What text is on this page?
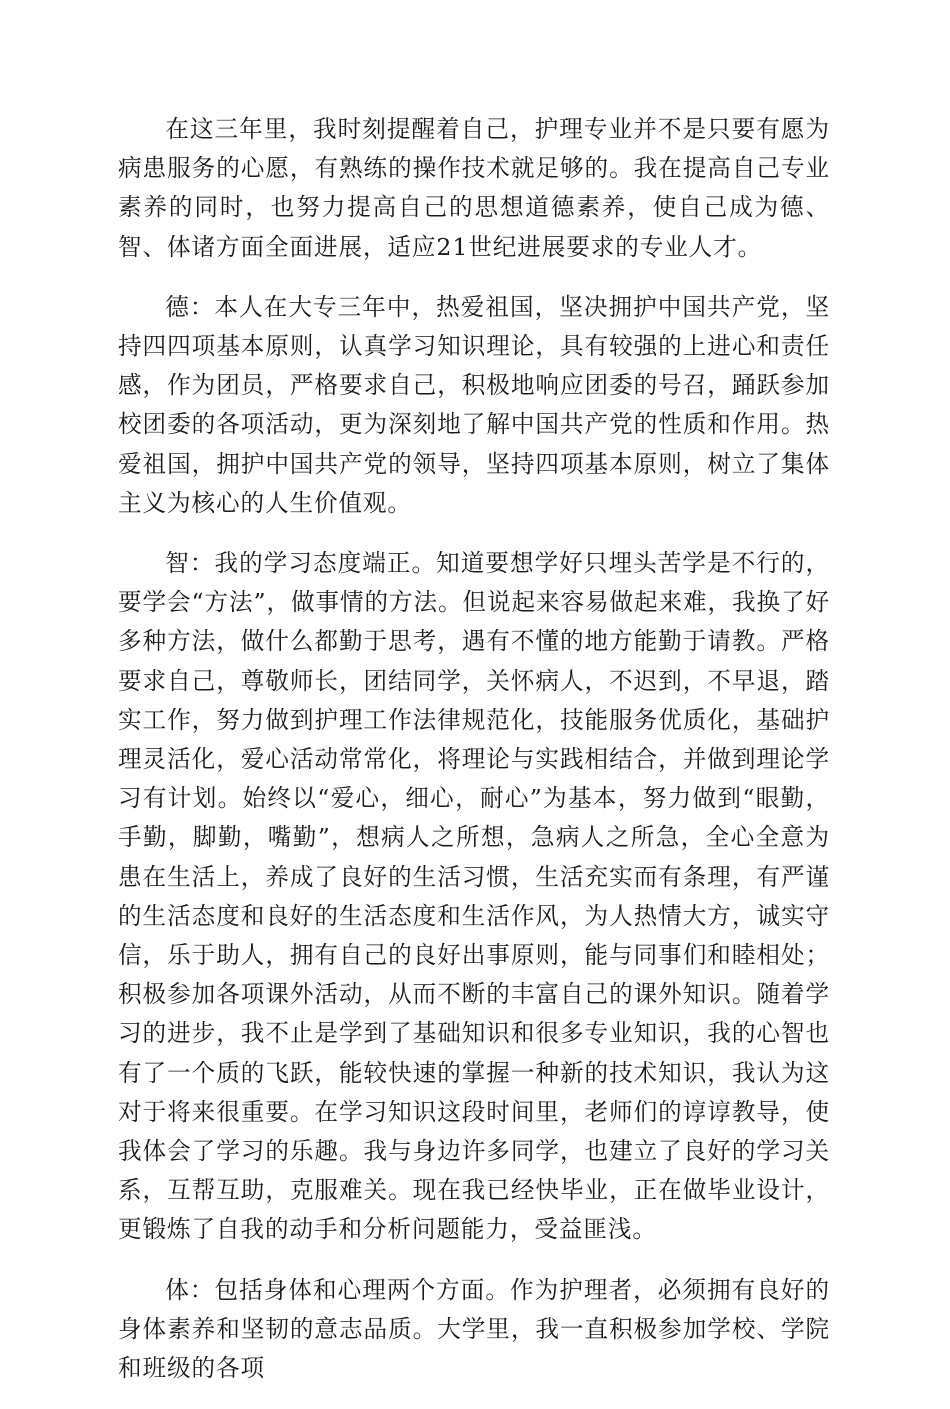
在这三年里，我时刻提醒着自己，护理专业并不是只要有愿为病患服务的心愿，有熟练的操作技术就足够的。我在提高自己专业素养的同时，也努力提高自己的思想道德素养，使自己成为德、智、体诸方面全面进展，适应21世纪进展要求的专业人才。

德：本人在大专三年中，热爱祖国，坚决拥护中国共产党，坚持四四项基本原则，认真学习知识理论，具有较强的上进心和责任感，作为团员，严格要求自己，积极地响应团委的号召，踊跃参加校团委的各项活动，更为深刻地了解中国共产党的性质和作用。热爱祖国，拥护中国共产党的领导，坚持四项基本原则，树立了集体主义为核心的人生价值观。

智：我的学习态度端正。知道要想学好只埋头苦学是不行的，要学会“方法”，做事情的方法。但说起来容易做起来难，我换了好多种方法，做什么都勤于思考，遇有不懂的地方能勤于请教。严格要求自己，尊敬师长，团结同学，关怀病人，不迟到，不早退，踏实工作，努力做到护理工作法律规范化，技能服务优质化，基础护理灵活化，爱心活动常常化，将理论与实践相结合，并做到理论学习有计划。始终以“爱心，细心，耐心”为基本，努力做到“眼勤，手勤，脚勤，嘴勤”，想病人之所想，急病人之所急，全心全意为患在生活上，养成了良好的生活习惯，生活充实而有条理，有严谨的生活态度和良好的生活态度和生活作风，为人热情大方，诚实守信，乐于助人，拥有自己的良好出事原则，能与同事们和睦相处；积极参加各项课外活动，从而不断的丰富自己的课外知识。随着学习的进步，我不止是学到了基础知识和很多专业知识，我的心智也有了一个质的飞跃，能较快速的掌握一种新的技术知识，我认为这对于将来很重要。在学习知识这段时间里，老师们的谆谆教导，使我体会了学习的乐趣。我与身边许多同学，也建立了良好的学习关系，互帮互助，克服难关。现在我已经快毕业，正在做毕业设计，更锻炼了自我的动手和分析问题能力，受益匪浅。

体：包括身体和心理两个方面。作为护理者，必须拥有良好的身体素养和坚韧的意志品质。大学里，我一直积极参加学校、学院和班级的各项
